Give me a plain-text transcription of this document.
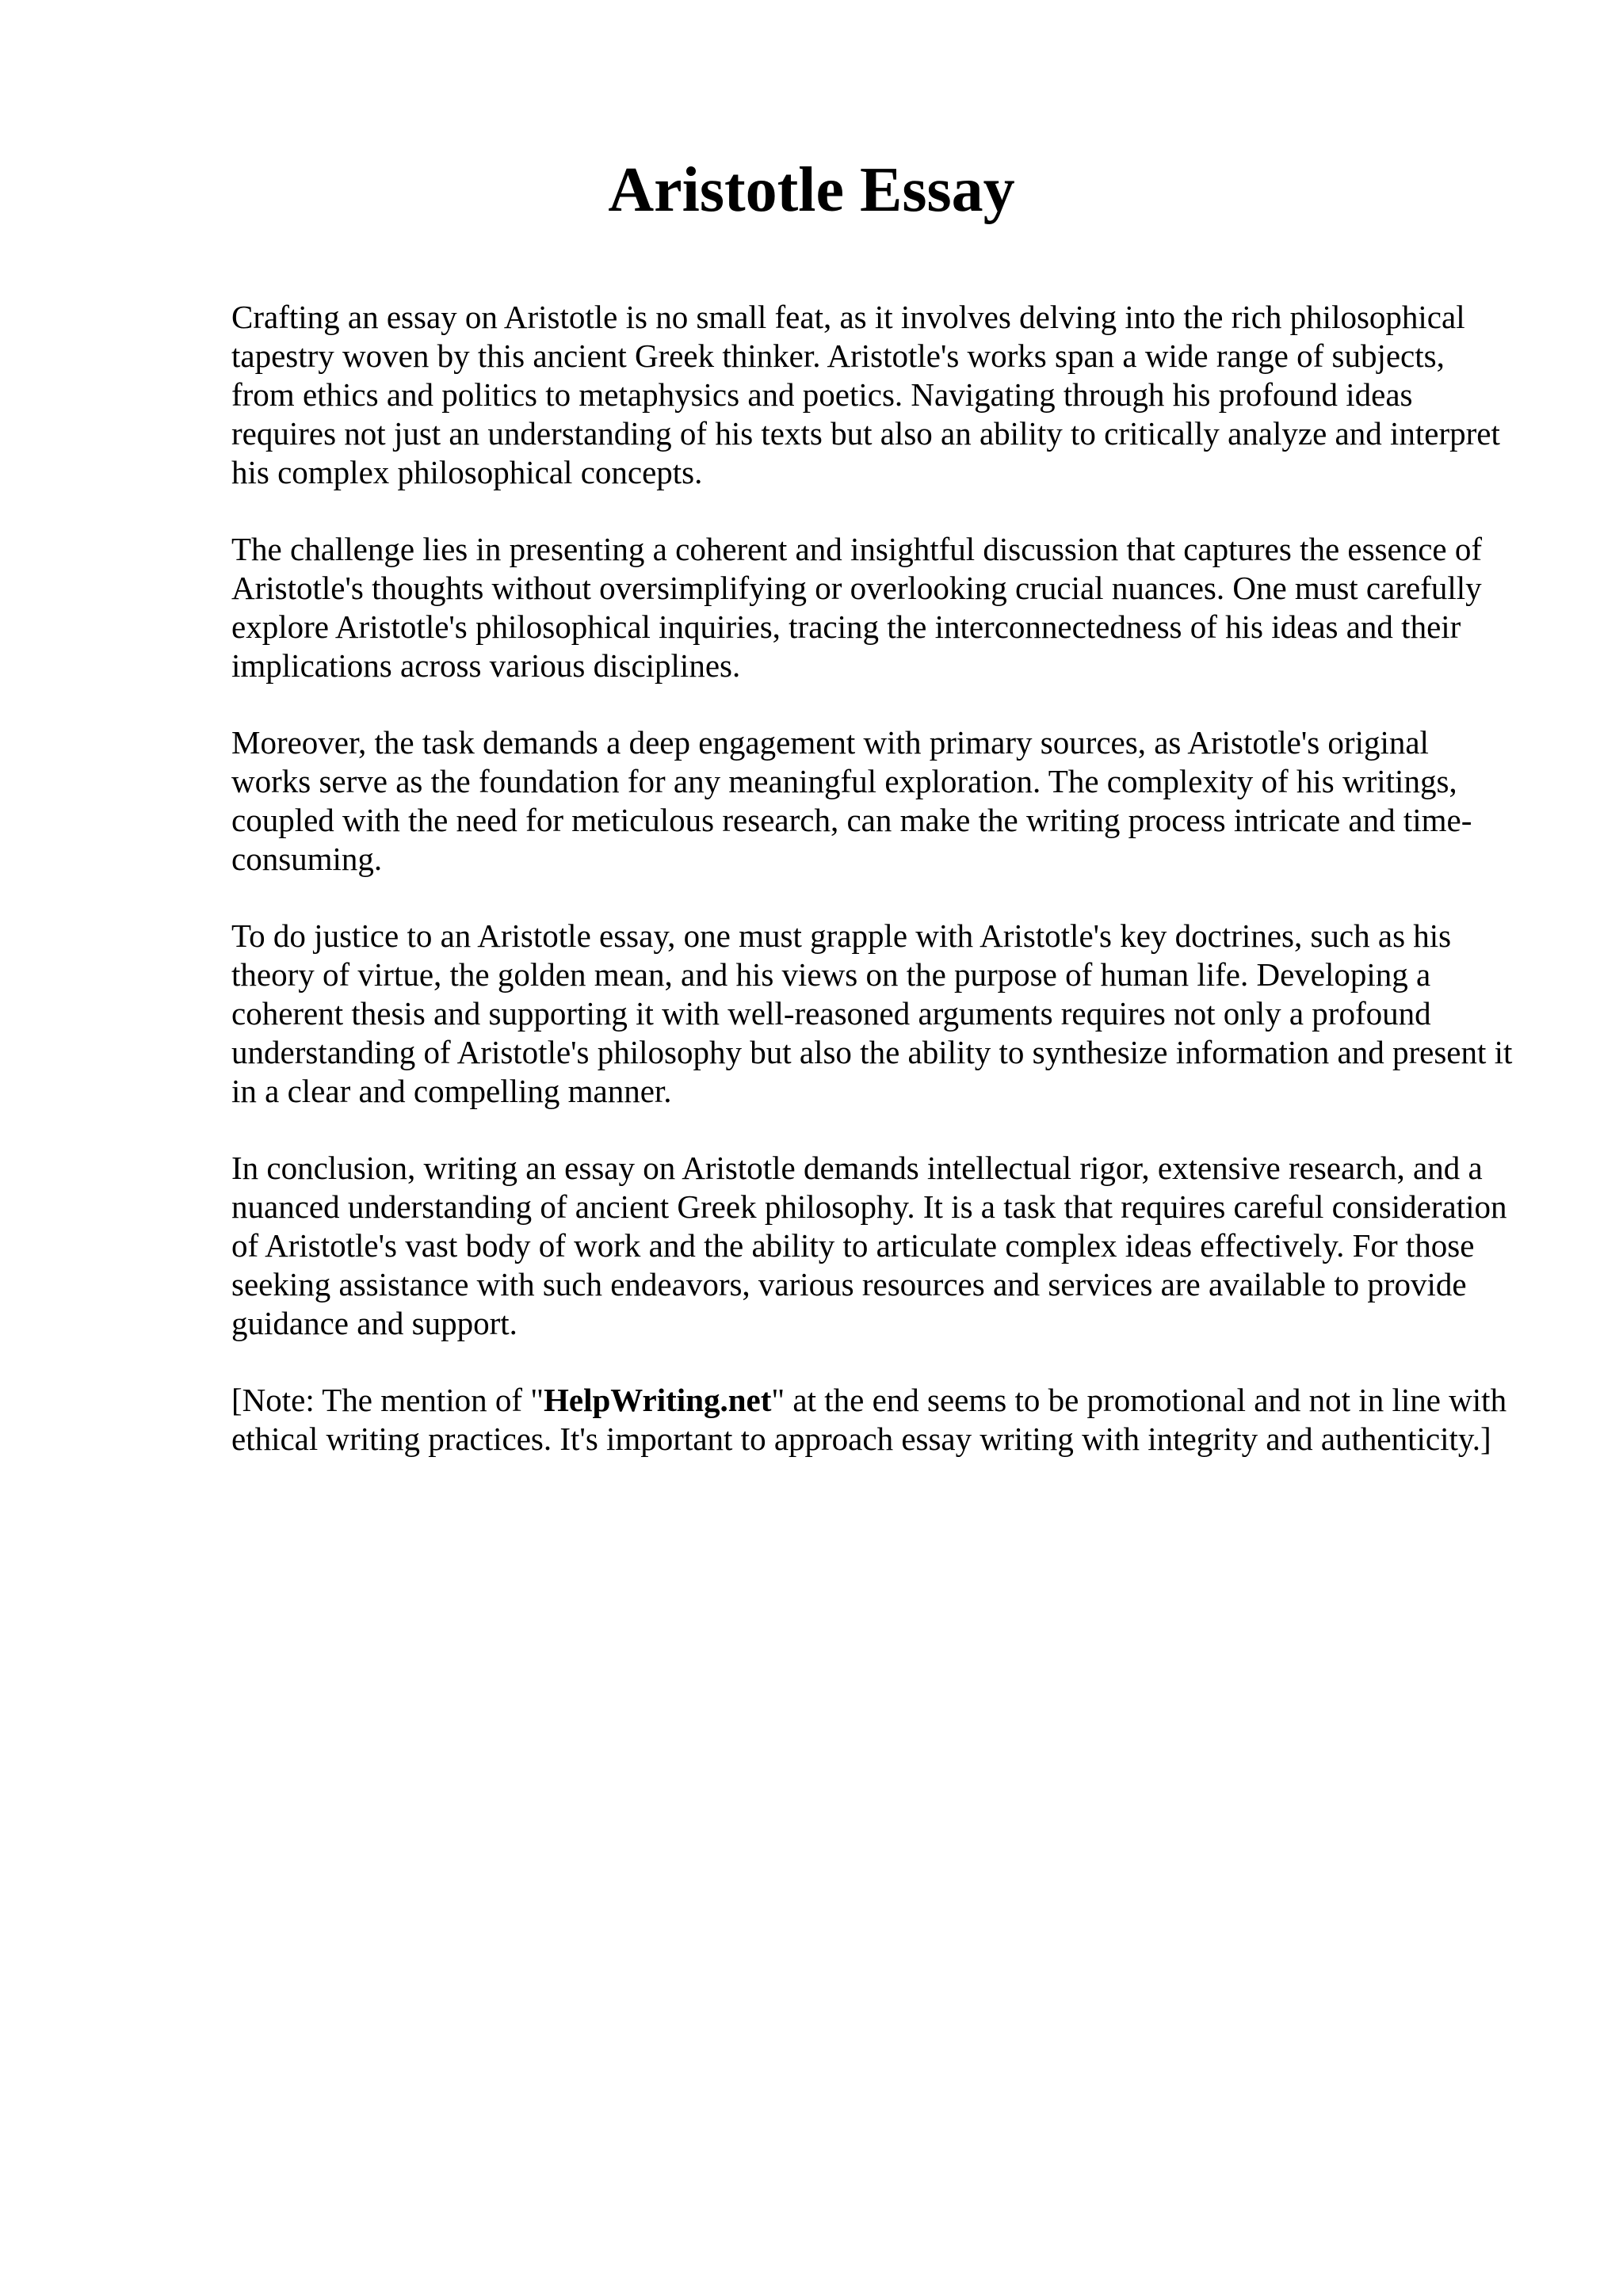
Aristotle Essay

Crafting an essay on Aristotle is no small feat, as it involves delving into the rich philosophical tapestry woven by this ancient Greek thinker. Aristotle's works span a wide range of subjects, from ethics and politics to metaphysics and poetics. Navigating through his profound ideas requires not just an understanding of his texts but also an ability to critically analyze and interpret his complex philosophical concepts.

The challenge lies in presenting a coherent and insightful discussion that captures the essence of Aristotle's thoughts without oversimplifying or overlooking crucial nuances. One must carefully explore Aristotle's philosophical inquiries, tracing the interconnectedness of his ideas and their implications across various disciplines.

Moreover, the task demands a deep engagement with primary sources, as Aristotle's original works serve as the foundation for any meaningful exploration. The complexity of his writings, coupled with the need for meticulous research, can make the writing process intricate and time-consuming.

To do justice to an Aristotle essay, one must grapple with Aristotle's key doctrines, such as his theory of virtue, the golden mean, and his views on the purpose of human life. Developing a coherent thesis and supporting it with well-reasoned arguments requires not only a profound understanding of Aristotle's philosophy but also the ability to synthesize information and present it in a clear and compelling manner.

In conclusion, writing an essay on Aristotle demands intellectual rigor, extensive research, and a nuanced understanding of ancient Greek philosophy. It is a task that requires careful consideration of Aristotle's vast body of work and the ability to articulate complex ideas effectively. For those seeking assistance with such endeavors, various resources and services are available to provide guidance and support.

[Note: The mention of "HelpWriting.net" at the end seems to be promotional and not in line with ethical writing practices. It's important to approach essay writing with integrity and authenticity.]
